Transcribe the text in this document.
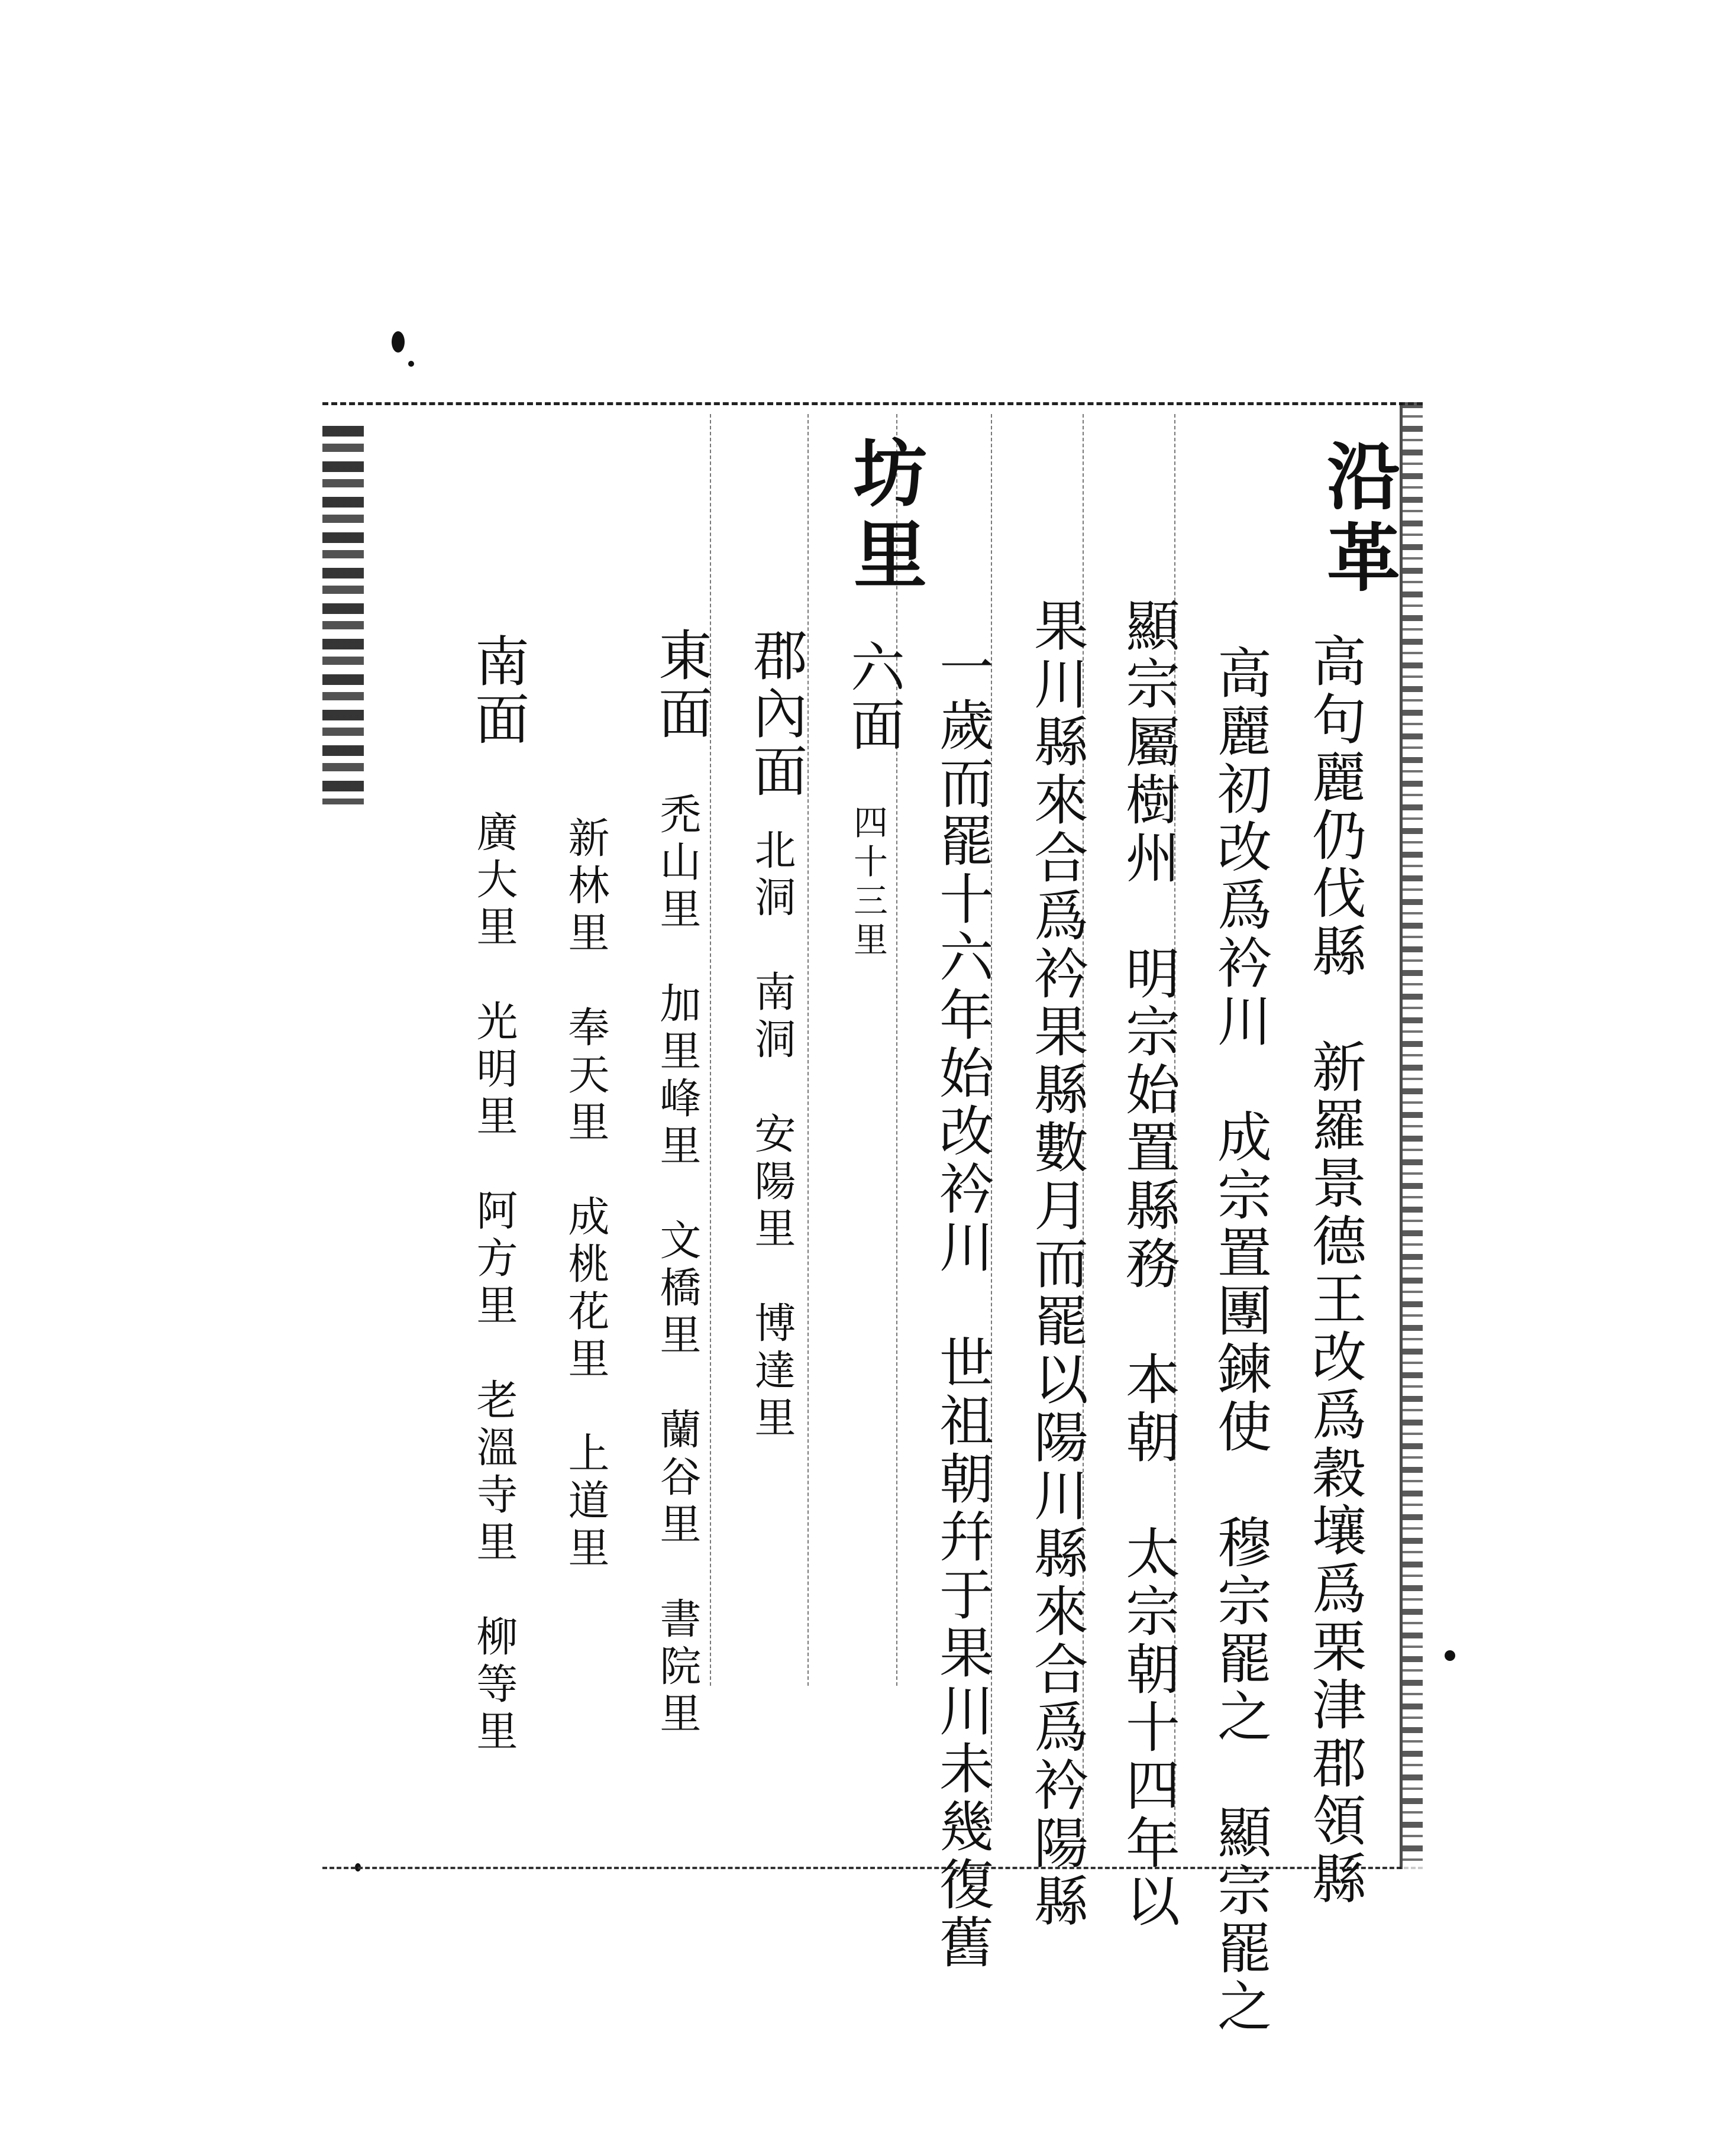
沿革
高句麗仍伐縣　新羅景德王改爲穀壤爲栗津郡領縣
高麗初改爲衿川　成宗置團鍊使　穆宗罷之　顯宗罷之
顯宗屬樹州　明宗始置縣務　本朝　太宗朝十四年以
果川縣來合爲衿果縣數月而罷以陽川縣來合爲衿陽縣
一歲而罷十六年始改衿川　世祖朝幷于果川未幾復舊
坊里
六面
四十三里
郡內面
北洞　南洞　安陽里　博達里
東面
禿山里　加里峰里　文橋里　蘭谷里　書院里
新林里　奉天里　成桃花里　上道里
南面
廣大里　光明里　阿方里　老溫寺里　柳等里
